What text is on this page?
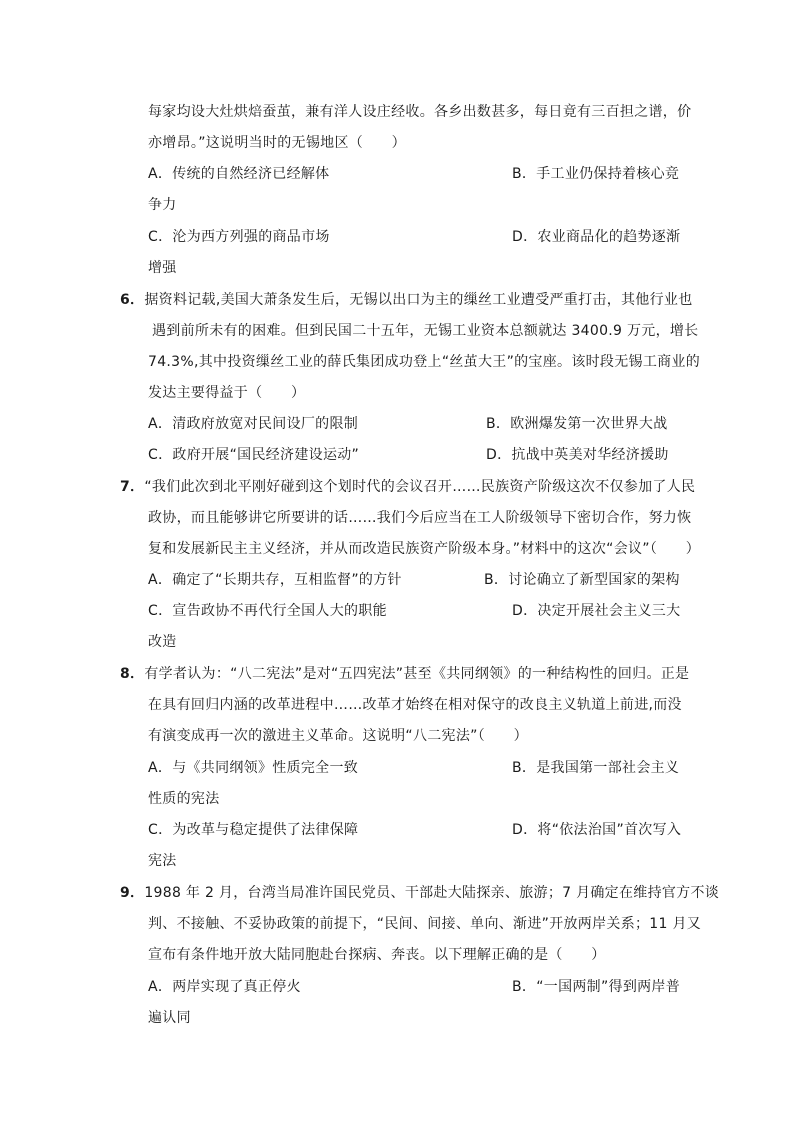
每家均设大灶烘焙蚕茧，兼有洋人设庄经收。各乡出数甚多，每日竟有三百担之谱，价
亦增昂。”这说明当时的无锡地区（　　）
A．传统的自然经济已经解体	B．手工业仍保持着核心竞
争力
C．沦为西方列强的商品市场	D．农业商品化的趋势逐渐
增强
6．据资料记载,美国大萧条发生后，无锡以出口为主的缫丝工业遭受严重打击，其他行业也
遇到前所未有的困难。但到民国二十五年，无锡工业资本总额就达 3400.9 万元，增长
74.3%,其中投资缫丝工业的薛氏集团成功登上“丝茧大王”的宝座。该时段无锡工商业的
发达主要得益于（　　）
A．清政府放宽对民间设厂的限制	B．欧洲爆发第一次世界大战
C．政府开展“国民经济建设运动”	D．抗战中英美对华经济援助
7．“我们此次到北平刚好碰到这个划时代的会议召开……民族资产阶级这次不仅参加了人民
政协，而且能够讲它所要讲的话……我们今后应当在工人阶级领导下密切合作，努力恢
复和发展新民主主义经济，并从而改造民族资产阶级本身。”材料中的这次“会议”（　　）
A．确定了“长期共存，互相监督”的方针	B．讨论确立了新型国家的架构
C．宣告政协不再代行全国人大的职能	D．决定开展社会主义三大
改造
8．有学者认为：“八二宪法”是对“五四宪法”甚至《共同纲领》的一种结构性的回归。正是
在具有回归内涵的改革进程中……改革才始终在相对保守的改良主义轨道上前进,而没
有演变成再一次的激进主义革命。这说明“八二宪法”（　　）
A．与《共同纲领》性质完全一致	B．是我国第一部社会主义
性质的宪法
C．为改革与稳定提供了法律保障	D．将“依法治国”首次写入
宪法
9．1988 年 2 月，台湾当局准许国民党员、干部赴大陆探亲、旅游；7 月确定在维持官方不谈
判、不接触、不妥协政策的前提下，“民间、间接、单向、渐进”开放两岸关系；11 月又
宣布有条件地开放大陆同胞赴台探病、奔丧。以下理解正确的是（　　）
A．两岸实现了真正停火	B．“一国两制”得到两岸普
遍认同
